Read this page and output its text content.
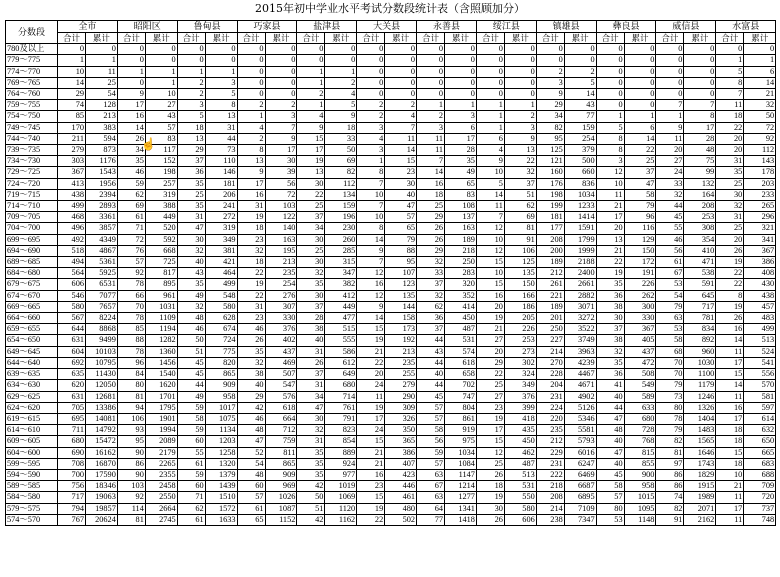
2015年初中学业水平考试分数段统计表（含照顾加分）
分数段	全市		昭阳区		鲁甸县		巧家县		盐津县		大关县		永善县		绥江县		镇雄县		彝良县		威信县		水富县	
	合计	累计	合计	累计	合计	累计	合计	累计	合计	累计	合计	累计	合计	累计	合计	累计	合计	累计	合计	累计	合计	累计	合计	累计
780及以上	0	0	0	0	0	0	0	0	0	0	0	0	0	0	0	0	0	0	0	0	0	0	0	0
779～775	1	1	0	0	0	0	0	0	0	0	0	0	0	0	0	0	0	0	0	0	0	0	1	1
774～770	10	11	1	1	1	1	0	0	1	1	0	0	0	0	0	0	2	2	0	0	0	0	5	6
769～765	14	25	0	1	2	3	0	0	1	2	0	0	0	0	0	0	3	5	0	0	0	0	8	14
764～760	29	54	9	10	2	5	0	0	2	4	0	0	0	0	0	0	9	14	0	0	0	0	7	21
759～755	74	128	17	27	3	8	2	2	1	5	2	2	1	1	1	1	29	43	0	0	7	7	11	32
754～750	85	213	16	43	5	13	1	3	4	9	2	4	2	3	1	2	34	77	1	1	1	8	18	50
749～745	170	383	14	57	18	31	4	7	9	18	3	7	3	6	1	3	82	159	5	6	9	17	22	72
744～740	211	594	26	83	13	44	2	9	15	33	4	11	11	17	6	9	95	254	8	14	11	28	20	92
739～735	279	873	34	117	29	73	8	17	17	50	3	14	11	28	4	13	125	379	8	22	20	48	20	112
734～730	303	1176	35	152	37	110	13	30	19	69	1	15	7	35	9	22	121	500	3	25	27	75	31	143
729～725	367	1543	46	198	36	146	9	39	13	82	8	23	14	49	10	32	160	660	12	37	24	99	35	178
724～720	413	1956	59	257	35	181	17	56	30	112	7	30	16	65	5	37	176	836	10	47	33	132	25	203
719～715	438	2394	62	319	25	206	16	72	22	134	10	40	18	83	14	51	198	1034	11	58	32	164	30	233
714～710	499	2893	69	388	35	241	31	103	25	159	7	47	25	108	11	62	199	1233	21	79	44	208	32	265
709～705	468	3361	61	449	31	272	19	122	37	196	10	57	29	137	7	69	181	1414	17	96	45	253	31	296
704～700	496	3857	71	520	47	319	18	140	34	230	8	65	26	163	12	81	177	1591	20	116	55	308	25	321
699～695	492	4349	72	592	30	349	23	163	30	260	14	79	26	189	10	91	208	1799	13	129	46	354	20	341
694～690	518	4867	76	668	32	381	32	195	25	285	9	88	29	218	12	106	200	1999	21	150	56	410	26	367
689～685	494	5361	57	725	40	421	18	213	30	315	7	95	32	250	15	125	189	2188	22	172	61	471	19	386
684～680	564	5925	92	817	43	464	22	235	32	347	12	107	33	283	10	135	212	2400	19	191	67	538	22	408
679～675	606	6531	78	895	35	499	19	254	35	382	16	123	37	320	15	150	261	2661	35	226	53	591	22	430
674～670	546	7077	66	961	49	548	22	276	30	412	12	135	32	352	16	166	221	2882	36	262	54	645	8	438
669～665	580	7657	70	1031	32	580	31	307	37	449	9	144	62	414	20	186	189	3071	38	300	79	717	19	457
664～660	567	8224	78	1109	48	628	23	330	28	477	14	158	36	450	19	205	201	3272	30	330	63	781	26	483
659～655	644	8868	85	1194	46	674	46	376	38	515	15	173	37	487	21	226	250	3522	37	367	53	834	16	499
654～650	631	9499	88	1282	50	724	26	402	40	555	19	192	44	531	27	253	227	3749	38	405	58	892	14	513
649～645	604	10103	78	1360	51	775	35	437	31	586	21	213	43	574	20	273	214	3963	32	437	68	960	11	524
644～640	692	10795	96	1456	45	820	32	469	26	612	22	235	44	618	29	302	270	4239	35	472	70	1030	17	541
639～635	635	11430	84	1540	45	865	38	507	37	649	20	255	40	658	22	324	228	4467	36	508	70	1100	15	556
634～630	620	12050	80	1620	44	909	40	547	31	680	24	279	44	702	25	349	204	4671	41	549	79	1179	14	570
629～625	631	12681	81	1701	49	958	29	576	34	714	11	290	45	747	27	376	231	4902	40	589	73	1246	11	581
624～620	705	13386	94	1795	59	1017	42	618	47	761	19	309	57	804	23	399	224	5126	44	633	80	1326	16	597
619～615	695	14081	106	1901	58	1075	46	664	30	791	17	326	57	861	19	418	220	5346	47	680	78	1404	17	614
614～610	711	14792	93	1994	59	1134	48	712	32	823	24	350	58	919	17	435	235	5581	48	728	79	1483	18	632
609～605	680	15472	95	2089	60	1203	47	759	31	854	15	365	56	975	15	450	212	5793	40	768	82	1565	18	650
604～600	690	16162	90	2179	55	1258	52	811	35	889	21	386	59	1034	12	462	229	6016	47	815	81	1646	15	665
599～595	708	16870	86	2265	61	1320	54	865	35	924	21	407	57	1084	25	487	231	6247	40	855	97	1743	18	683
594～590	700	17590	90	2355	59	1379	48	909	35	977	16	423	63	1147	26	513	222	6469	45	900	86	1829	10	688
589～585	756	18346	103	2458	60	1439	60	969	42	1019	23	446	67	1214	18	531	218	6687	58	958	86	1915	21	709
584～580	717	19063	92	2550	71	1510	57	1026	50	1069	15	461	63	1277	19	550	208	6895	57	1015	74	1989	11	720
579～575	794	19857	114	2664	62	1572	61	1087	51	1120	19	480	64	1341	30	580	214	7109	80	1095	82	2071	17	737
574～570	767	20624	81	2745	61	1633	65	1152	42	1162	22	502	77	1418	26	606	238	7347	53	1148	91	2162	11	748
☝
